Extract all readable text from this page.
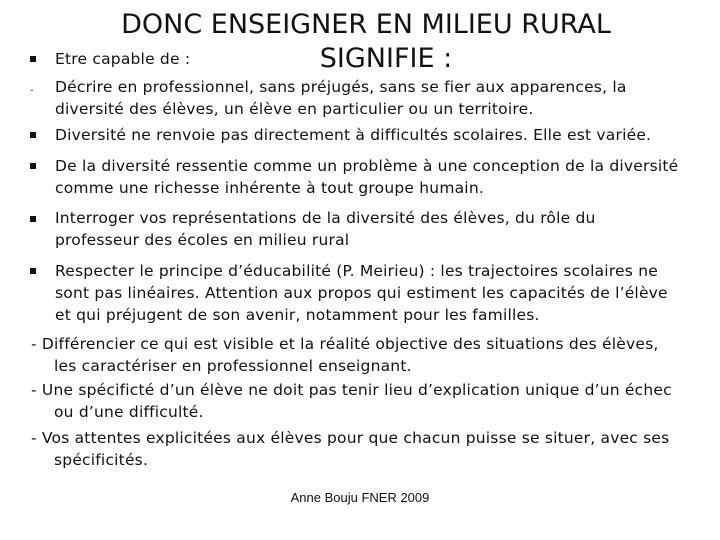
DONC ENSEIGNER EN MILIEU RURAL
SIGNIFIE :
Etre capable de :
- Décrire en professionnel, sans préjugés, sans se fier aux apparences, la
diversité des élèves, un élève en particulier ou un territoire.
Diversité ne renvoie pas directement à difficultés scolaires. Elle est variée.
De la diversité ressentie comme un problème à une conception de la diversité
comme une richesse inhérente à tout groupe humain.
Interroger vos représentations de la diversité des élèves, du rôle du
professeur des écoles en milieu rural
Respecter le principe d’éducabilité (P. Meirieu) : les trajectoires scolaires ne
sont pas linéaires. Attention aux propos qui estiment les capacités de l’élève
et qui préjugent de son avenir, notamment pour les familles.
- Différencier ce qui est visible et la réalité objective des situations des élèves,
les caractériser en professionnel enseignant.
- Une spécificté d’un élève ne doit pas tenir lieu d’explication unique d’un échec
ou d’une difficulté.
- Vos attentes explicitées aux élèves pour que chacun puisse se situer, avec ses
spécificités.
Anne Bouju FNER 2009
